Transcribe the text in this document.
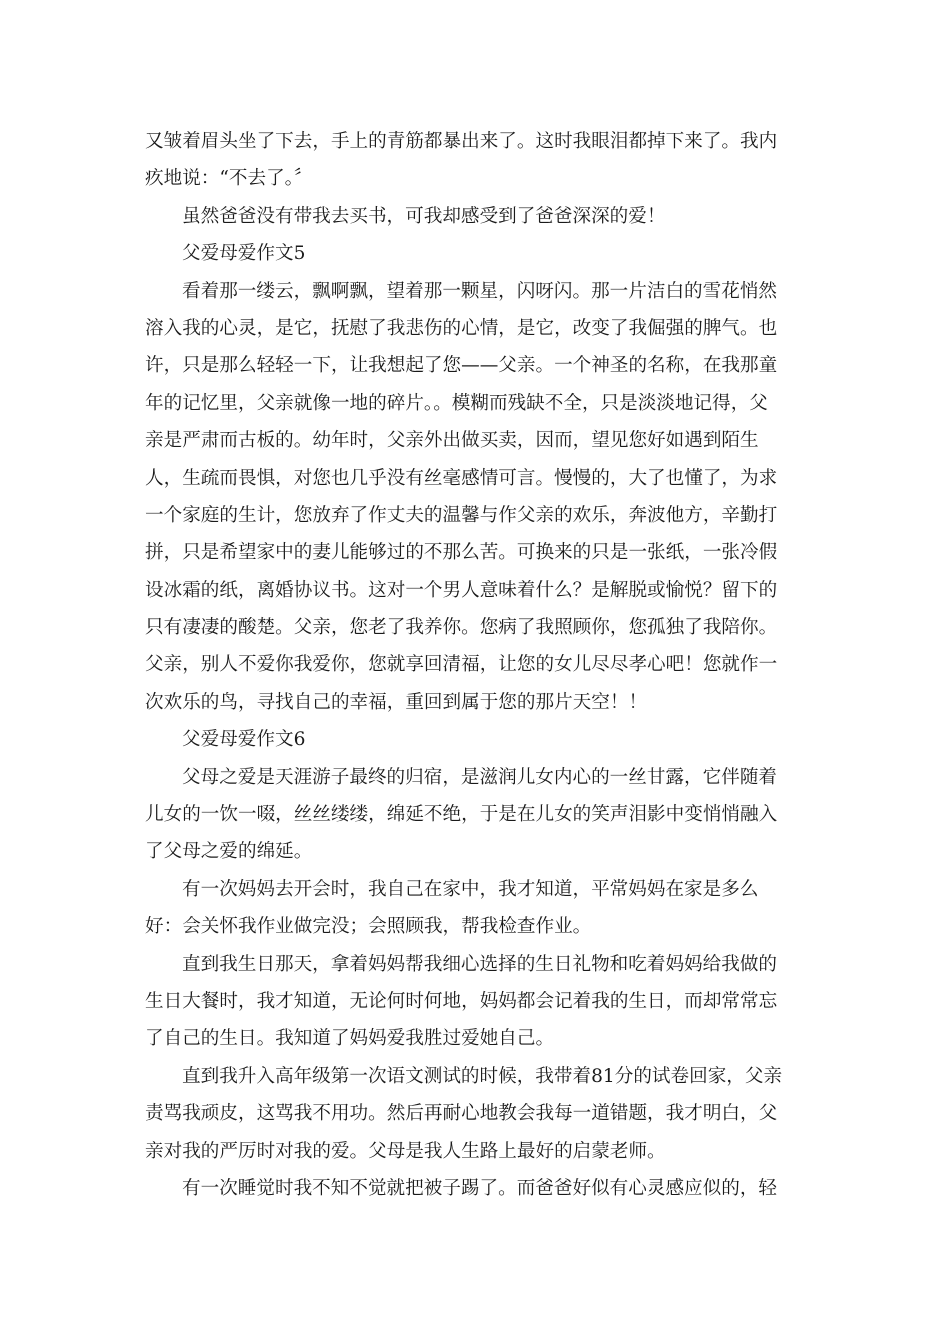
又皱着眉头坐了下去，手上的青筋都暴出来了。这时我眼泪都掉下来了。我内
疚地说：“不去了。〞
虽然爸爸没有带我去买书，可我却感受到了爸爸深深的爱！
父爱母爱作文5
看着那一缕云，飘啊飘，望着那一颗星，闪呀闪。那一片洁白的雪花悄然
溶入我的心灵，是它，抚慰了我悲伤的心情，是它，改变了我倔强的脾气。也
许，只是那么轻轻一下，让我想起了您——父亲。一个神圣的名称，在我那童
年的记忆里，父亲就像一地的碎片。。模糊而残缺不全，只是淡淡地记得，父
亲是严肃而古板的。幼年时，父亲外出做买卖，因而，望见您好如遇到陌生
人，生疏而畏惧，对您也几乎没有丝毫感情可言。慢慢的，大了也懂了，为求
一个家庭的生计，您放弃了作丈夫的温馨与作父亲的欢乐，奔波他方，辛勤打
拼，只是希望家中的妻儿能够过的不那么苦。可换来的只是一张纸，一张冷假
设冰霜的纸，离婚协议书。这对一个男人意味着什么？是解脱或愉悦？留下的
只有凄凄的酸楚。父亲，您老了我养你。您病了我照顾你，您孤独了我陪你。
父亲，别人不爱你我爱你，您就享回清福，让您的女儿尽尽孝心吧！您就作一
次欢乐的鸟，寻找自己的幸福，重回到属于您的那片天空！！
父爱母爱作文6
父母之爱是天涯游子最终的归宿，是滋润儿女内心的一丝甘露，它伴随着
儿女的一饮一啜，丝丝缕缕，绵延不绝，于是在儿女的笑声泪影中变悄悄融入
了父母之爱的绵延。
有一次妈妈去开会时，我自己在家中，我才知道，平常妈妈在家是多么
好：会关怀我作业做完没；会照顾我，帮我检查作业。
直到我生日那天，拿着妈妈帮我细心选择的生日礼物和吃着妈妈给我做的
生日大餐时，我才知道，无论何时何地，妈妈都会记着我的生日，而却常常忘
了自己的生日。我知道了妈妈爱我胜过爱她自己。
直到我升入高年级第一次语文测试的时候，我带着81分的试卷回家，父亲
责骂我顽皮，这骂我不用功。然后再耐心地教会我每一道错题，我才明白，父
亲对我的严厉时对我的爱。父母是我人生路上最好的启蒙老师。
有一次睡觉时我不知不觉就把被子踢了。而爸爸好似有心灵感应似的，轻
